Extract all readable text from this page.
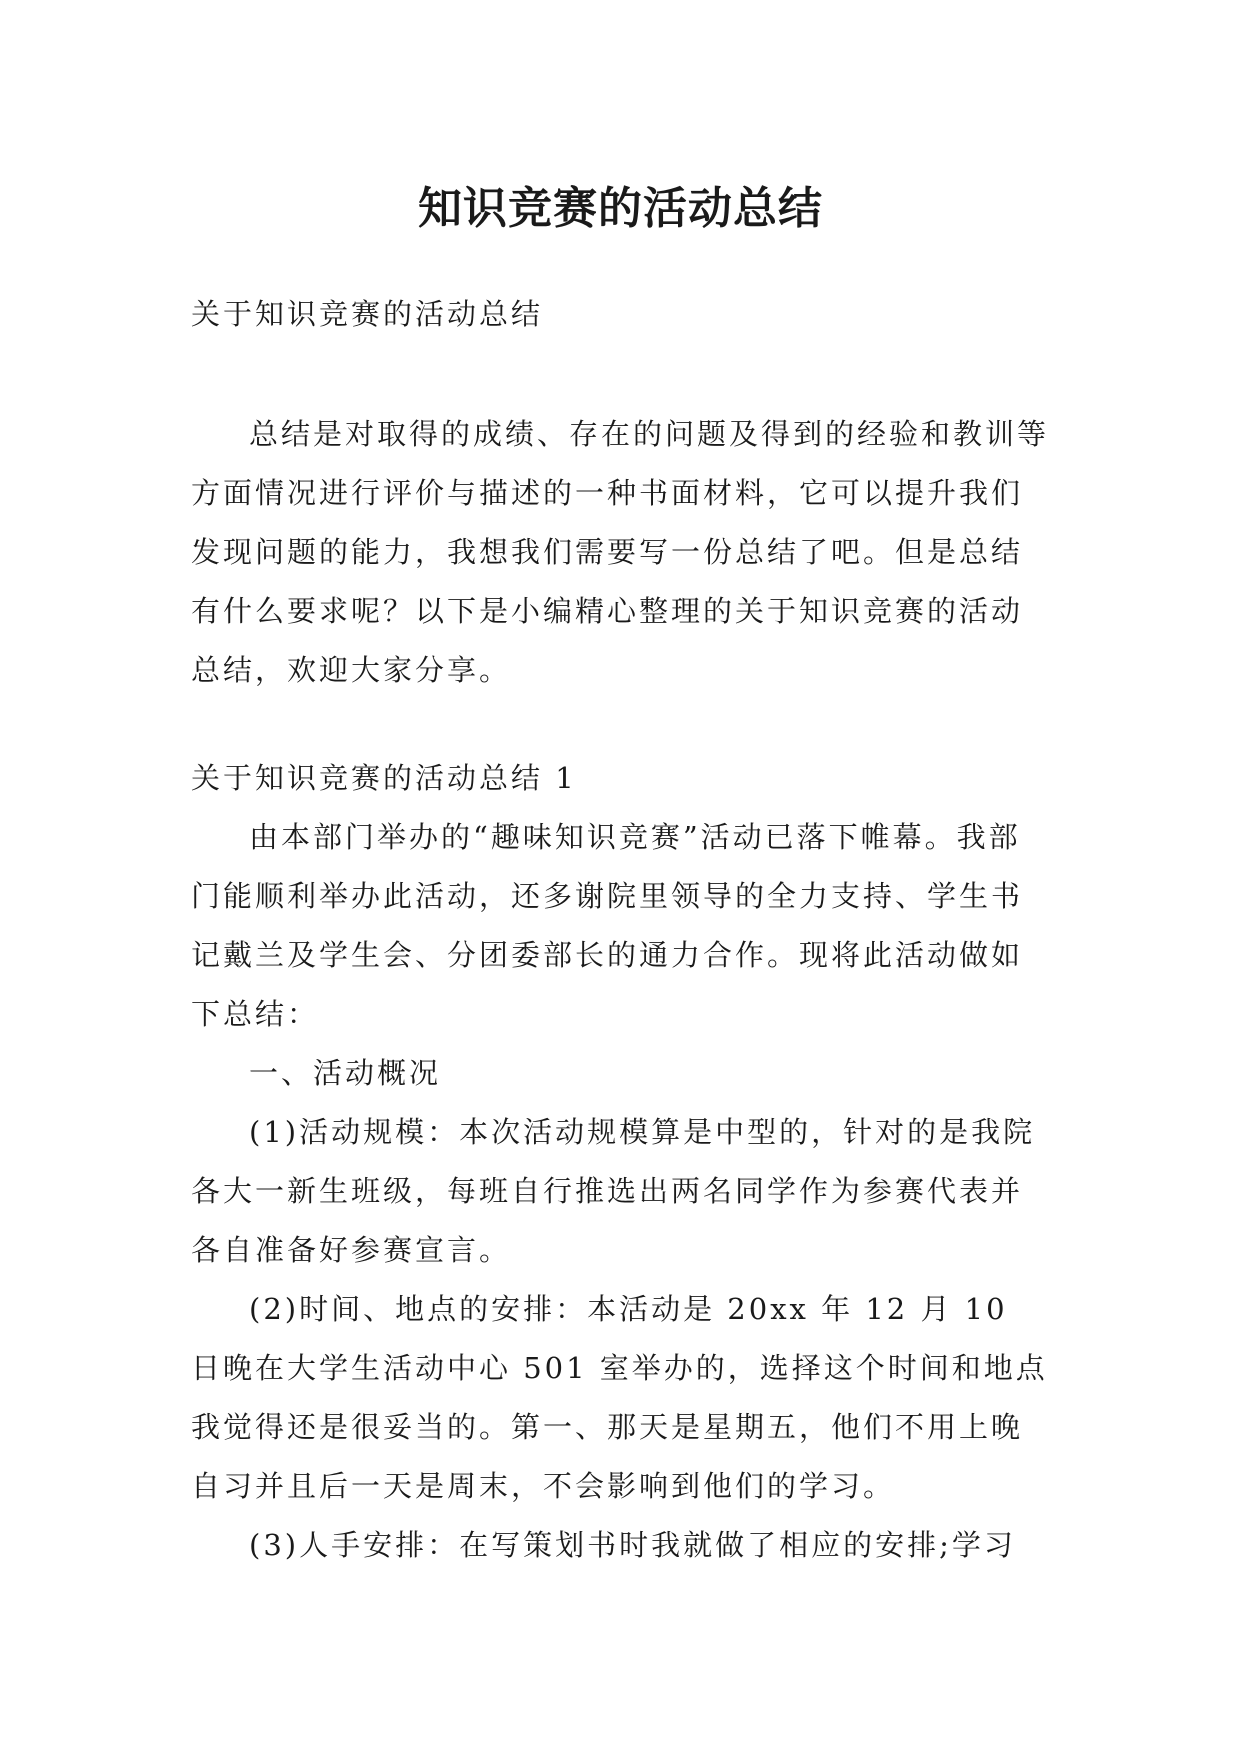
知识竞赛的活动总结
关于知识竞赛的活动总结

总结是对取得的成绩、存在的问题及得到的经验和教训等方面情况进行评价与描述的一种书面材料，它可以提升我们发现问题的能力，我想我们需要写一份总结了吧。但是总结有什么要求呢？以下是小编精心整理的关于知识竞赛的活动总结，欢迎大家分享。

关于知识竞赛的活动总结 1

由本部门举办的“趣味知识竞赛”活动已落下帷幕。我部门能顺利举办此活动，还多谢院里领导的全力支持、学生书记戴兰及学生会、分团委部长的通力合作。现将此活动做如下总结：

一、活动概况

(1)活动规模：本次活动规模算是中型的，针对的是我院各大一新生班级，每班自行推选出两名同学作为参赛代表并各自准备好参赛宣言。

(2)时间、地点的安排：本活动是 20xx 年 12 月 10 日晚在大学生活动中心 501 室举办的，选择这个时间和地点我觉得还是很妥当的。第一、那天是星期五，他们不用上晚自习并且后一天是周末，不会影响到他们的学习。

(3)人手安排：在写策划书时我就做了相应的安排;学习
